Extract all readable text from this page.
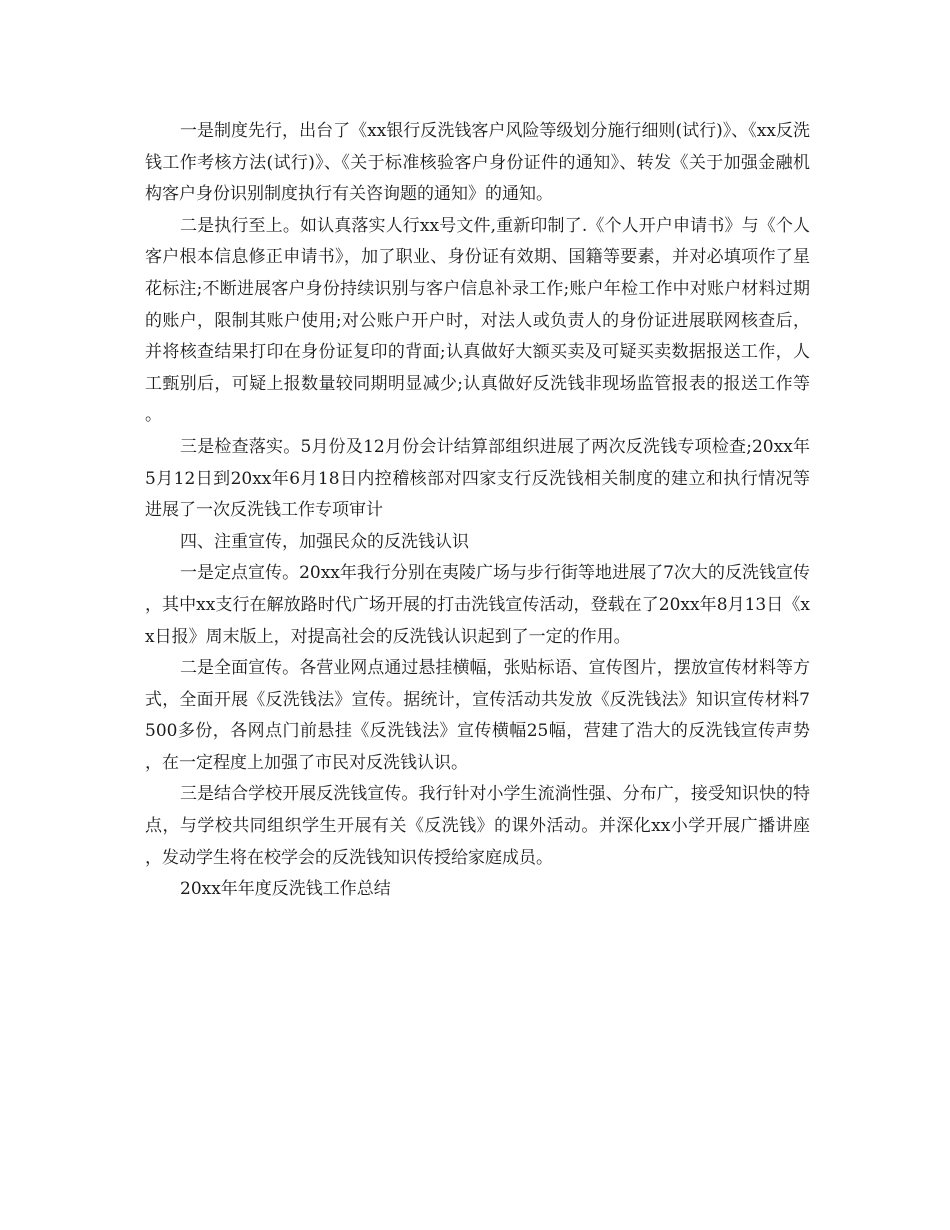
一是制度先行，出台了《xx银行反洗钱客户风险等级划分施行细则(试行)》、《xx反洗钱工作考核方法(试行)》、《关于标准核验客户身份证件的通知》、转发《关于加强金融机构客户身份识别制度执行有关咨询题的通知》的通知。

二是执行至上。如认真落实人行xx号文件,重新印制了.《个人开户申请书》与《个人客户根本信息修正申请书》，加了职业、身份证有效期、国籍等要素，并对必填项作了星花标注;不断进展客户身份持续识别与客户信息补录工作;账户年检工作中对账户材料过期的账户，限制其账户使用;对公账户开户时，对法人或负责人的身份证进展联网核查后，并将核查结果打印在身份证复印的背面;认真做好大额买卖及可疑买卖数据报送工作，人工甄别后，可疑上报数量较同期明显减少;认真做好反洗钱非现场监管报表的报送工作等。

三是检查落实。5月份及12月份会计结算部组织进展了两次反洗钱专项检查;20xx年5月12日到20xx年6月18日内控稽核部对四家支行反洗钱相关制度的建立和执行情况等进展了一次反洗钱工作专项审计

四、注重宣传，加强民众的反洗钱认识

一是定点宣传。20xx年我行分别在夷陵广场与步行街等地进展了7次大的反洗钱宣传，其中xx支行在解放路时代广场开展的打击洗钱宣传活动，登载在了20xx年8月13日《xx日报》周末版上，对提高社会的反洗钱认识起到了一定的作用。

二是全面宣传。各营业网点通过悬挂横幅，张贴标语、宣传图片，摆放宣传材料等方式，全面开展《反洗钱法》宣传。据统计，宣传活动共发放《反洗钱法》知识宣传材料7500多份，各网点门前悬挂《反洗钱法》宣传横幅25幅，营建了浩大的反洗钱宣传声势，在一定程度上加强了市民对反洗钱认识。

三是结合学校开展反洗钱宣传。我行针对小学生流淌性强、分布广，接受知识快的特点，与学校共同组织学生开展有关《反洗钱》的课外活动。并深化xx小学开展广播讲座，发动学生将在校学会的反洗钱知识传授给家庭成员。

20xx年年度反洗钱工作总结
